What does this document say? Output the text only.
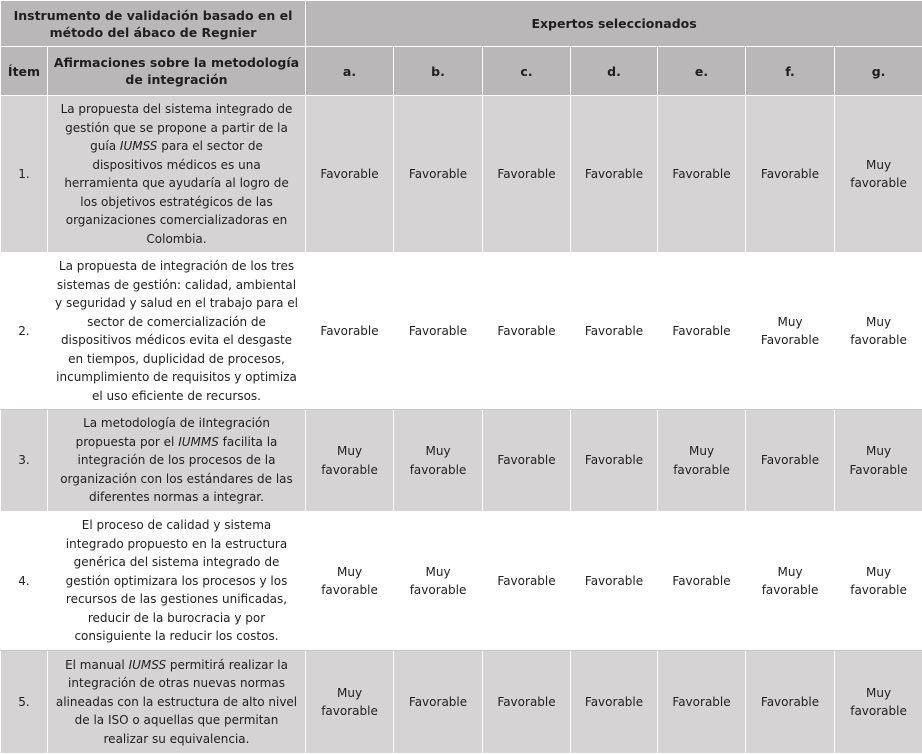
Instrumento de validación basado en el método del ábaco de Regnier		Expertos seleccionados						
Ítem	Afirmaciones sobre la metodología de integración	a.	b.	c.	d.	e.	f.	g.
1.	La propuesta del sistema integrado de gestión que se propone a partir de la guía IUMSS para el sector de dispositivos médicos es una herramienta que ayudaría al logro de los objetivos estratégicos de las organizaciones comercializadoras en Colombia.	Favorable	Favorable	Favorable	Favorable	Favorable	Favorable	Muy favorable
2.	La propuesta de integración de los tres sistemas de gestión: calidad, ambiental y seguridad y salud en el trabajo para el sector de comercialización de dispositivos médicos evita el desgaste en tiempos, duplicidad de procesos, incumplimiento de requisitos y optimiza el uso eficiente de recursos.	Favorable	Favorable	Favorable	Favorable	Favorable	Muy Favorable	Muy favorable
3.	La metodología de iIntegración propuesta por el IUMMS facilita la integración de los procesos de la organización con los estándares de las diferentes normas a integrar.	Muy favorable	Muy favorable	Favorable	Favorable	Muy favorable	Favorable	Muy Favorable
4.	El proceso de calidad y sistema integrado propuesto en la estructura genérica del sistema integrado de gestión optimizara los procesos y los recursos de las gestiones unificadas, reducir de la burocracia y por consiguiente la reducir los costos.	Muy favorable	Muy favorable	Favorable	Favorable	Favorable	Muy favorable	Muy favorable
5.	El manual IUMSS permitirá realizar la integración de otras nuevas normas alineadas con la estructura de alto nivel de la ISO o aquellas que permitan realizar su equivalencia.	Muy favorable	Favorable	Favorable	Favorable	Favorable	Favorable	Muy favorable
